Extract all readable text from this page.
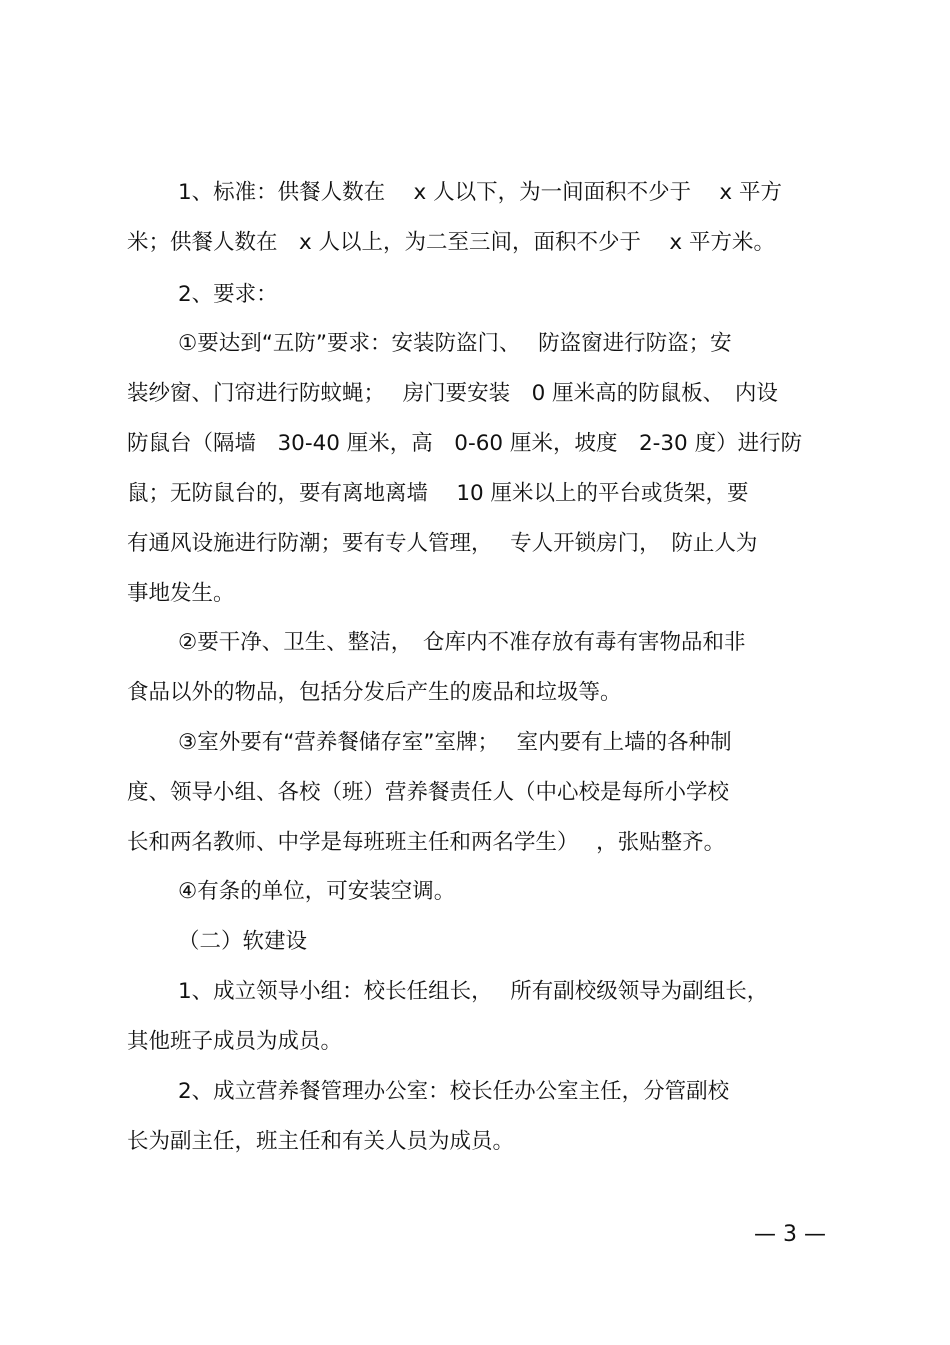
1、标准：供餐人数在　 x 人以下，为一间面积不少于　 x 平方

米；供餐人数在　x 人以上，为二至三间，面积不少于　 x 平方米。

2、要求：

①要达到“五防”要求：安装防盗门、　 防盗窗进行防盗；安

装纱窗、门帘进行防蚊蝇；　 房门要安装　0 厘米高的防鼠板、　内设

防鼠台（隔墙　30-40 厘米，高　0-60 厘米，坡度　2-30 度）进行防

鼠；无防鼠台的，要有离地离墙　 10 厘米以上的平台或货架，要

有通风设施进行防潮；要有专人管理，　 专人开锁房门，　防止人为

事地发生。

②要干净、卫生、整洁，　仓库内不准存放有毒有害物品和非

食品以外的物品，包括分发后产生的废品和垃圾等。

③室外要有“营养餐储存室”室牌；　 室内要有上墙的各种制

度、领导小组、各校（班）营养餐责任人（中心校是每所小学校

长和两名教师、中学是每班班主任和两名学生）　 ，张贴整齐。

④有条的单位，可安装空调。

（二）软建设

1、成立领导小组：校长任组长，　 所有副校级领导为副组长，

其他班子成员为成员。

2、成立营养餐管理办公室：校长任办公室主任，分管副校

长为副主任，班主任和有关人员为成员。

— 3 —
